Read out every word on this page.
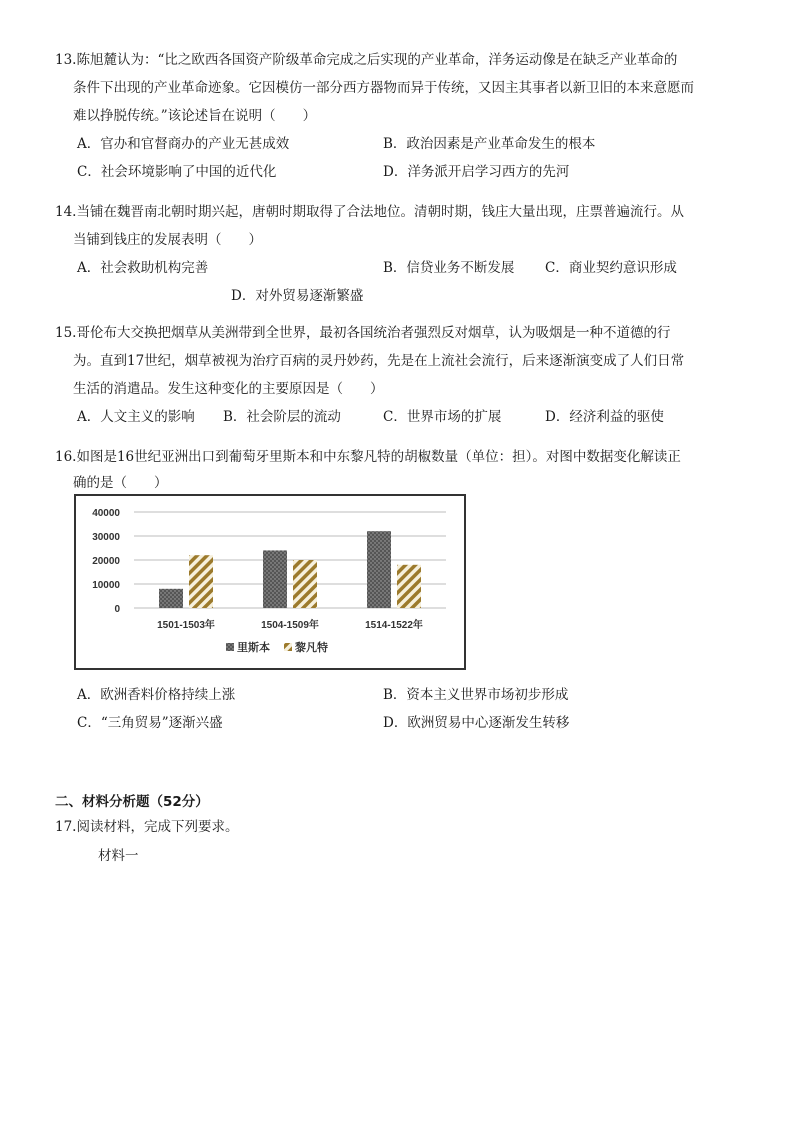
13.陈旭麓认为：“比之欧西各国资产阶级革命完成之后实现的产业革命，洋务运动像是在缺乏产业革命的
条件下出现的产业革命迹象。它因模仿一部分西方器物而异于传统，又因主其事者以新卫旧的本来意愿而
难以挣脱传统。”该论述旨在说明（　　）
A．官办和官督商办的产业无甚成效	B．政治因素是产业革命发生的根本
C．社会环境影响了中国的近代化	D．洋务派开启学习西方的先河
14.当铺在魏晋南北朝时期兴起，唐朝时期取得了合法地位。清朝时期，钱庄大量出现，庄票普遍流行。从
当铺到钱庄的发展表明（　　）
A．社会救助机构完善	B．信贷业务不断发展 C．商业契约意识形成
D．对外贸易逐渐繁盛
15.哥伦布大交换把烟草从美洲带到全世界，最初各国统治者强烈反对烟草，认为吸烟是一种不道德的行
为。直到17世纪，烟草被视为治疗百病的灵丹妙药，先是在上流社会流行，后来逐渐演变成了人们日常
生活的消遣品。发生这种变化的主要原因是（　　）
A．人文主义的影响 B．社会阶层的流动	C．世界市场的扩展	D．经济利益的驱使
16.如图是16世纪亚洲出口到葡萄牙里斯本和中东黎凡特的胡椒数量（单位：担）。对图中数据变化解读正
确的是（　　）
40000
30000
20000
10000
0
1501-1503年	1504-1509年	1514-1522年
里斯本 黎凡特
A．欧洲香料价格持续上涨	B．资本主义世界市场初步形成
C．“三角贸易”逐渐兴盛	D．欧洲贸易中心逐渐发生转移
二、材料分析题（52分）
17.阅读材料，完成下列要求。
材料一
